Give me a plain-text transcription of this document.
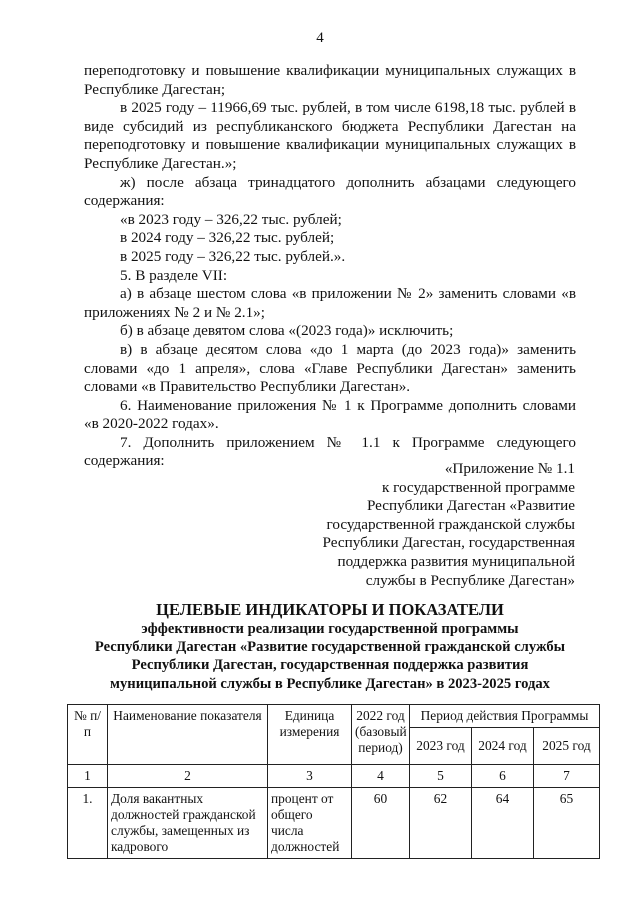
4

переподготовку и повышение квалификации муниципальных служащих в Республике Дагестан;

в 2025 году – 11966,69 тыс. рублей, в том числе 6198,18 тыс. рублей в виде субсидий из республиканского бюджета Республики Дагестан на переподготовку и повышение квалификации муниципальных служащих в Республике Дагестан.»;

ж) после абзаца тринадцатого дополнить абзацами следующего содержания:

«в 2023 году – 326,22 тыс. рублей;

в 2024 году – 326,22 тыс. рублей;

в 2025 году – 326,22 тыс. рублей.».

5. В разделе VII:

а) в абзаце шестом слова «в приложении № 2» заменить словами «в приложениях № 2 и № 2.1»;

б) в абзаце девятом слова «(2023 года)» исключить;

в) в абзаце десятом слова «до 1 марта (до 2023 года)» заменить словами «до 1 апреля», слова «Главе Республики Дагестан» заменить словами «в Правительство Республики Дагестан».

6. Наименование приложения № 1 к Программе дополнить словами «в 2020-2022 годах».

7. Дополнить приложением № 1.1 к Программе следующего содержания:	«Приложение № 1.1
к государственной программе
Республики Дагестан «Развитие
государственной гражданской службы
Республики Дагестан, государственная
поддержка развития муниципальной
службы в Республике Дагестан»
ЦЕЛЕВЫЕ ИНДИКАТОРЫ И ПОКАЗАТЕЛИ
эффективности реализации государственной программы
Республики Дагестан «Развитие государственной гражданской службы
Республики Дагестан, государственная поддержка развития
муниципальной службы в Республике Дагестан» в 2023-2025 годах
№ п/п	Наименование показателя	Единица измерения	2022 год (базовый период)	Период действия Программы		
				2023 год	2024 год	2025 год
1	2	3	4	5	6	7
1.	Доля вакантных должностей гражданской службы, замещенных из кадрового	процент от общего числа должностей	60	62	64	65
